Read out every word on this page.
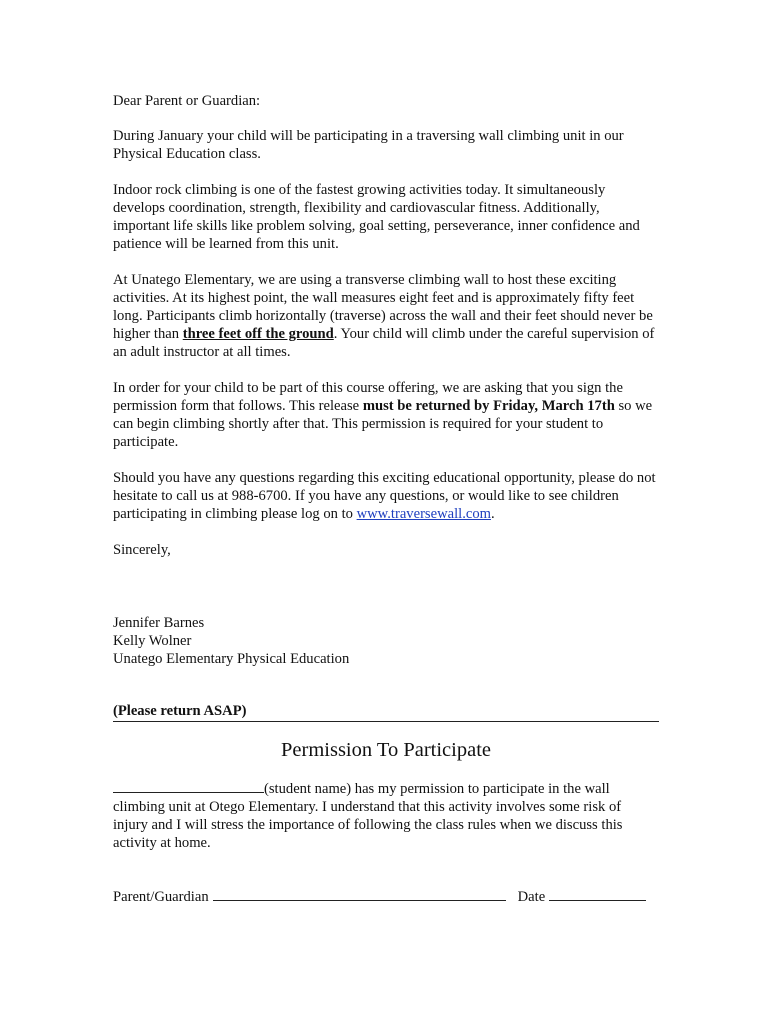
Dear Parent or Guardian:

During January your child will be participating in a traversing wall climbing unit in our Physical Education class.

Indoor rock climbing is one of the fastest growing activities today. It simultaneously develops coordination, strength, flexibility and cardiovascular fitness. Additionally, important life skills like problem solving, goal setting, perseverance, inner confidence and patience will be learned from this unit.

At Unatego Elementary, we are using a transverse climbing wall to host these exciting activities. At its highest point, the wall measures eight feet and is approximately fifty feet long. Participants climb horizontally (traverse) across the wall and their feet should never be higher than three feet off the ground. Your child will climb under the careful supervision of an adult instructor at all times.

In order for your child to be part of this course offering, we are asking that you sign the permission form that follows. This release must be returned by Friday, March 17th so we can begin climbing shortly after that. This permission is required for your student to participate.

Should you have any questions regarding this exciting educational opportunity, please do not hesitate to call us at 988-6700. If you have any questions, or would like to see children participating in climbing please log on to www.traversewall.com.

Sincerely,

Jennifer Barnes
Kelly Wolner
Unatego Elementary Physical Education
(Please return ASAP)
Permission To Participate
(student name) has my permission to participate in the wall climbing unit at Otego Elementary. I understand that this activity involves some risk of injury and I will stress the importance of following the class rules when we discuss this activity at home.
Parent/Guardian	Date
